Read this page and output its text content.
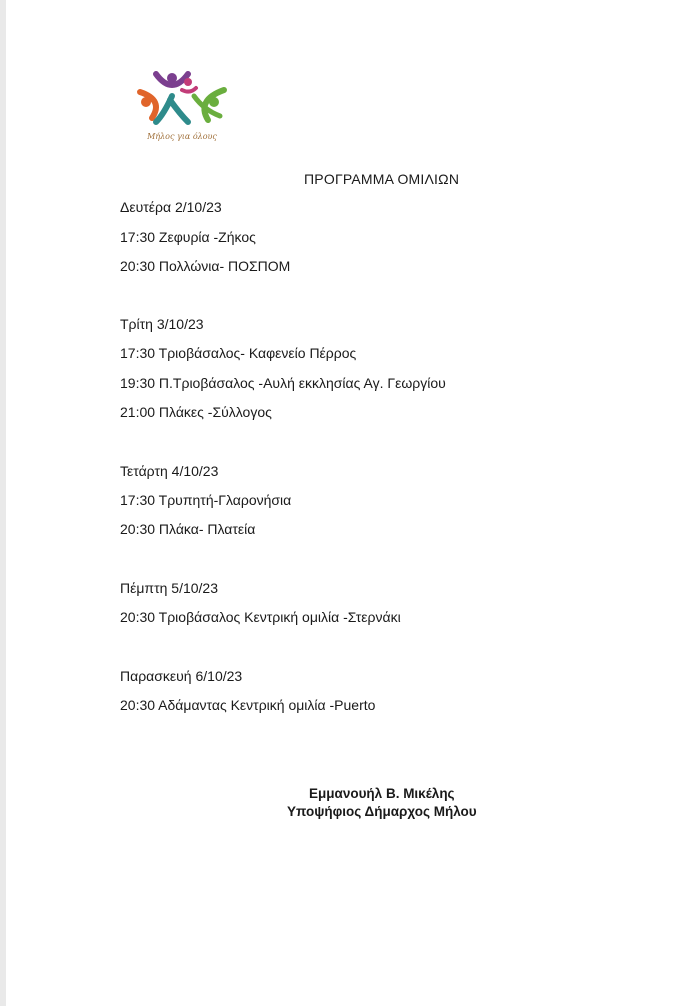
Μήλος για όλους
ΠΡΟΓΡΑΜΜΑ ΟΜΙΛΙΩΝ
Δευτέρα 2/10/23
17:30 Ζεφυρία -Ζήκος
20:30 Πολλώνια- ΠΟΣΠΟΜ
Τρίτη 3/10/23
17:30 Τριοβάσαλος- Καφενείο Πέρρος
19:30 Π.Τριοβάσαλος -Αυλή εκκλησίας Αγ. Γεωργίου
21:00 Πλάκες -Σύλλογος
Τετάρτη 4/10/23
17:30 Τρυπητή-Γλαρονήσια
20:30 Πλάκα- Πλατεία
Πέμπτη 5/10/23
20:30 Τριοβάσαλος Κεντρική ομιλία -Στερνάκι
Παρασκευή 6/10/23
20:30 Αδάμαντας Κεντρική ομιλία -Puerto
Εμμανουήλ Β. Μικέλης
Υποψήφιος Δήμαρχος Μήλου
